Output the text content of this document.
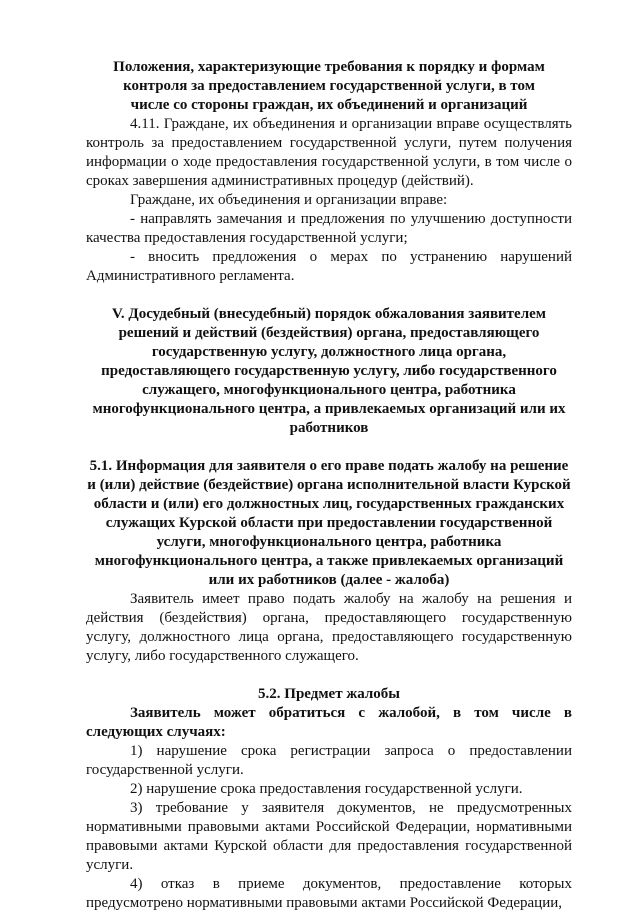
Положения, характеризующие требования к порядку и формам контроля за предоставлением государственной услуги, в том числе со стороны граждан, их объединений и организаций

4.11. Граждане, их объединения и организации вправе осуществлять контроль за предоставлением государственной услуги, путем получения информации о ходе предоставления государственной услуги, в том числе о сроках завершения административных процедур (действий).

Граждане, их объединения и организации вправе:

- направлять замечания и предложения по улучшению доступности качества предоставления государственной услуги;

- вносить предложения о мерах по устранению нарушений Административного регламента.

V. Досудебный (внесудебный) порядок обжалования заявителем решений и действий (бездействия) органа, предоставляющего государственную услугу, должностного лица органа, предоставляющего государственную услугу, либо государственного служащего, многофункционального центра, работника многофункционального центра, а привлекаемых организаций или их работников

5.1. Информация для заявителя о его праве подать жалобу на решение и (или) действие (бездействие) органа исполнительной власти Курской области и (или) его должностных лиц, государственных гражданских служащих Курской области при предоставлении государственной услуги, многофункционального центра, работника многофункционального центра, а также привлекаемых организаций или их работников (далее - жалоба)

Заявитель имеет право подать жалобу на жалобу на решения и действия (бездействия) органа, предоставляющего государственную услугу, должностного лица органа, предоставляющего государственную услугу, либо государственного служащего.

5.2. Предмет жалобы

Заявитель может обратиться с жалобой, в том числе в следующих случаях:

1) нарушение срока регистрации запроса о предоставлении государственной услуги.

2) нарушение срока предоставления государственной услуги.

3) требование у заявителя документов, не предусмотренных нормативными правовыми актами Российской Федерации, нормативными правовыми актами Курской области для предоставления государственной услуги.

4) отказ в приеме документов, предоставление которых предусмотрено нормативными правовыми актами Российской Федерации,
